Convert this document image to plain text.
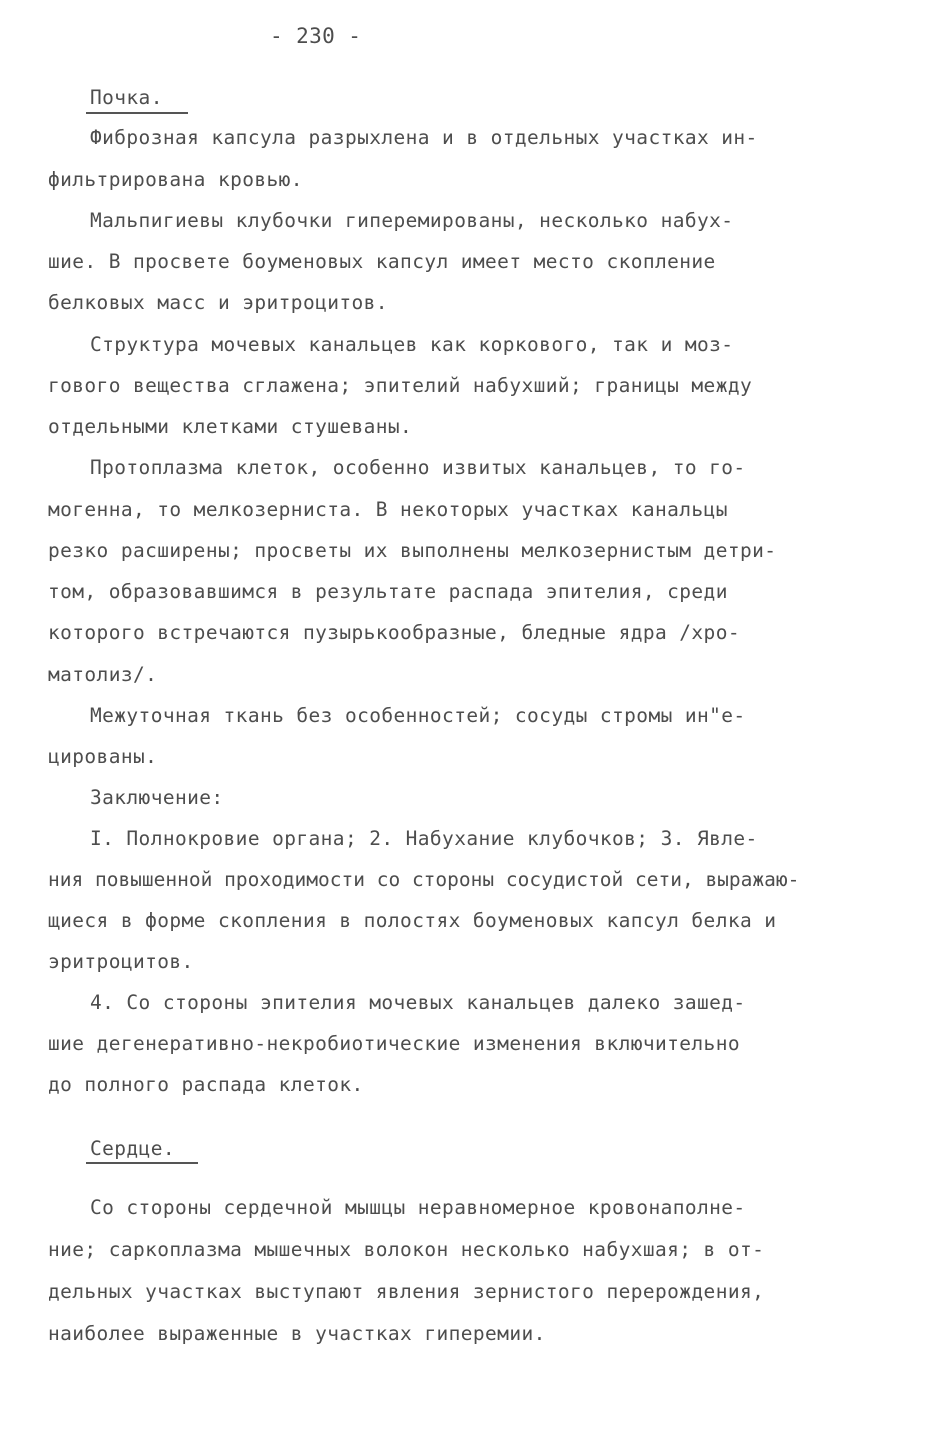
- 230 -
Почка.
Фиброзная капсула разрыхлена и в отдельных участках ин-
фильтрирована кровью.
Мальпигиевы клубочки гиперемированы, несколько набух-
шие. В просвете боуменовых капсул имеет место скопление
белковых масс и эритроцитов.
Структура мочевых канальцев как коркового, так и моз-
гового вещества сглажена; эпителий набухший; границы между
отдельными клетками стушеваны.
Протоплазма клеток, особенно извитых канальцев, то го-
могенна, то мелкозерниста. В некоторых участках канальцы
резко расширены; просветы их выполнены мелкозернистым детри-
том, образовавшимся в результате распада эпителия, среди
которого встречаются пузырькообразные, бледные ядра /хро-
матолиз/.
Межуточная ткань без особенностей; сосуды стромы ин"е-
цированы.
Заключение:
I. Полнокровие органа; 2. Набухание клубочков; 3. Явле-
ния повышенной проходимости со стороны сосудистой сети, выражаю-
щиеся в форме скопления в полостях боуменовых капсул белка и
эритроцитов.
4. Со стороны эпителия мочевых канальцев далеко зашед-
шие дегенеративно-некробиотические изменения включительно
до полного распада клеток.
Сердце.
Со стороны сердечной мышцы неравномерное кровонаполне-
ние; саркоплазма мышечных волокон несколько набухшая; в от-
дельных участках выступают явления зернистого перерождения,
наиболее выраженные в участках гиперемии.
